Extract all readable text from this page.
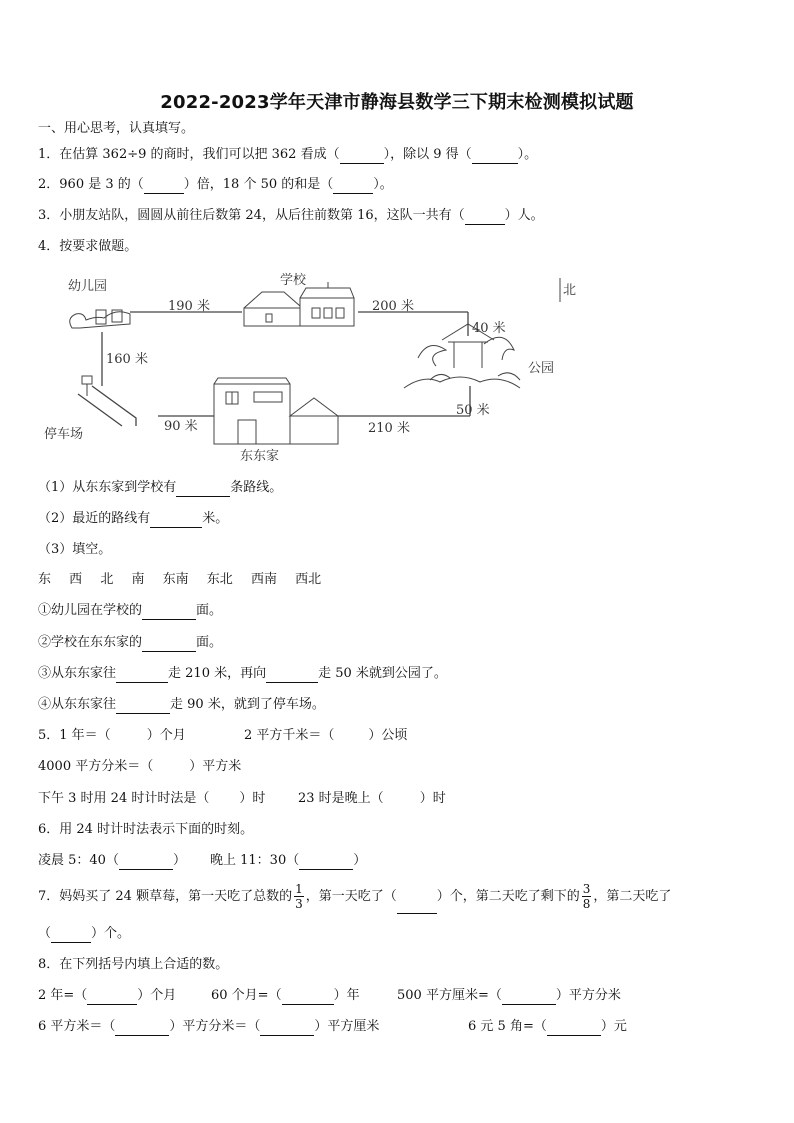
2022-2023学年天津市静海县数学三下期末检测模拟试题
一、用心思考，认真填写。
1．在估算 362÷9 的商时，我们可以把 362 看成（	），除以 9 得（	）。
2．960 是 3 的（	）倍，18 个 50 的和是（	）。
3．小朋友站队，圆圆从前往后数第 24，从后往前数第 16，这队一共有（	）人。
4．按要求做题。
幼儿园	学校
公园
停车场
东东家
北
190 米	200 米
40 米
160 米
90 米	210 米
50 米
（1）从东东家到学校有	条路线。
（2）最近的路线有	米。
（3）填空。
东 西 北 南 东南 东北 西南 西北
①幼儿园在学校的	面。
②学校在东东家的	面。
③从东东家往	走 210 米，再向	走 50 米就到公园了。
④从东东家往	走 90 米，就到了停车场。
5．1 年＝（	）个月	2 平方千米＝（	）公顷
4000 平方分米＝（	）平方米
下午 3 时用 24 时计时法是（ ）时	23 时是晚上（	）时
6．用 24 时计时法表示下面的时刻。
凌晨 5：40（	） 晚上 11：30（	）
7．妈妈买了 24 颗草莓，第一天吃了总数的 $\frac{1}{3}$ ，第一天吃了（	）个，第二天吃了剩下的 $\frac{3}{8}$ ，第二天吃了
（	）个。
8．在下列括号内填上合适的数。
2 年=（	）个月	60 个月=（	）年	500 平方厘米=（	）平方分米
6 平方米＝（	）平方分米＝（	）平方厘米	6 元 5 角=（	）元
